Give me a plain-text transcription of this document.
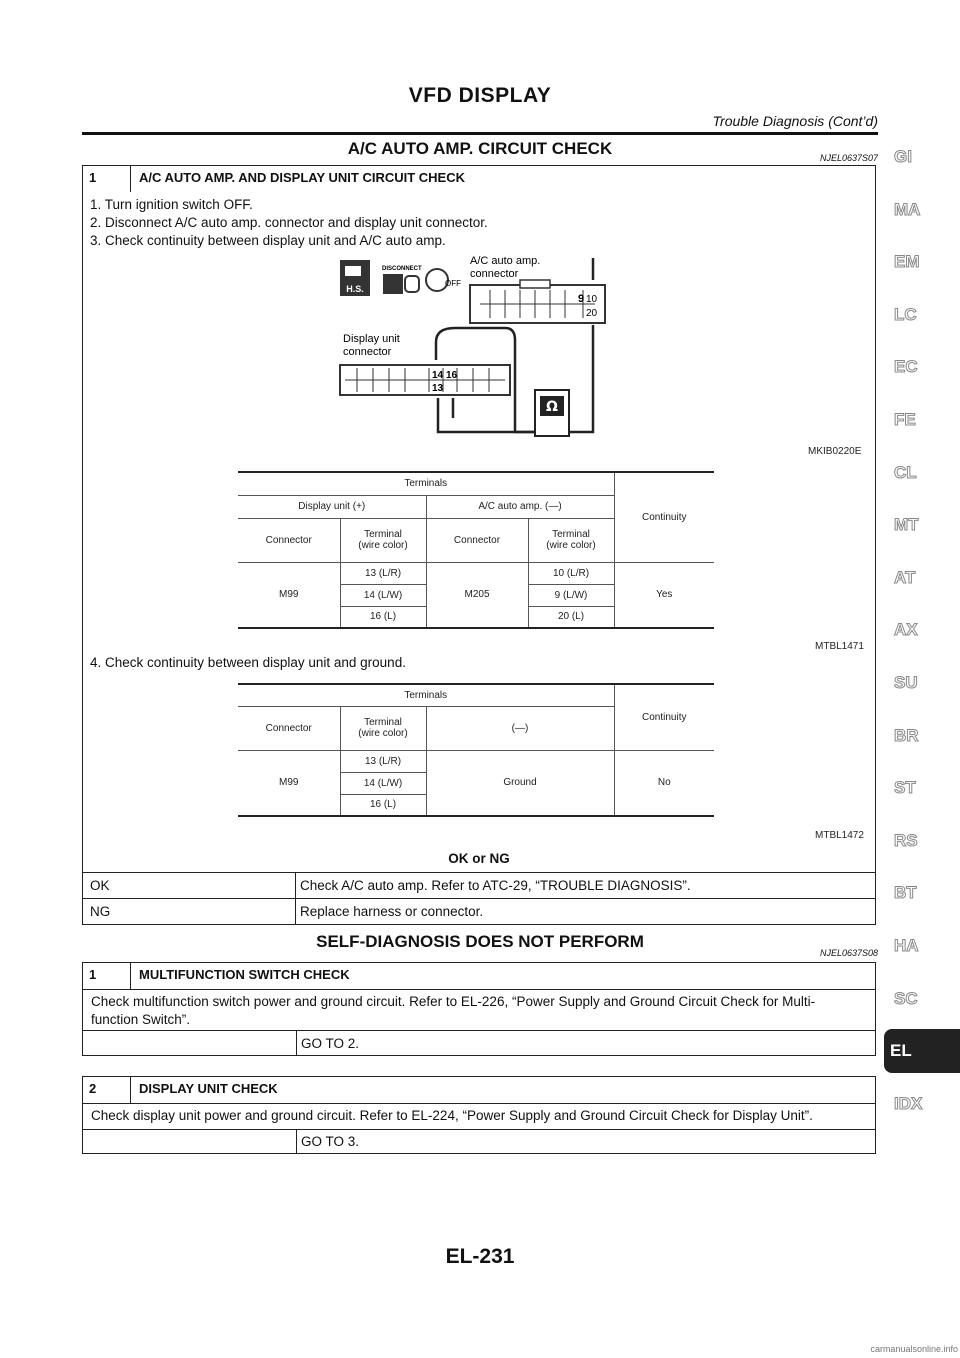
VFD DISPLAY
Trouble Diagnosis (Cont’d)
A/C AUTO AMP. CIRCUIT CHECK	NJEL0637S07
1	A/C AUTO AMP. AND DISPLAY UNIT CIRCUIT CHECK
1. Turn ignition switch OFF.
2. Disconnect A/C auto amp. connector and display unit connector.
3. Check continuity between display unit and A/C auto amp.
H.S.
DISCONNECT
OFF
A/C auto amp.
connector
9 10
20
Display unit
connector
14 16
13
Ω
MKIB0220E
Terminals				Continuity
Display unit (+)		A/C auto amp. (—)		
Connector	Terminal
(wire color)	Connector	Terminal
(wire color)	
M99	13 (L/R)	M205	10 (L/R)	Yes
	14 (L/W)		9 (L/W)	
	16 (L)		20 (L)	
MTBL1471
4. Check continuity between display unit and ground.
Terminals			Continuity
Connector	Terminal
(wire color)	(—)	
M99	13 (L/R)	Ground	No
	14 (L/W)		
	16 (L)		
MTBL1472
OK or NG
OK	Check A/C auto amp. Refer to ATC-29, “TROUBLE DIAGNOSIS”.
NG	Replace harness or connector.
SELF-DIAGNOSIS DOES NOT PERFORM
NJEL0637S08
1	MULTIFUNCTION SWITCH CHECK
Check multifunction switch power and ground circuit. Refer to EL-226, “Power Supply and Ground Circuit Check for Multi-
function Switch”.
GO TO 2.
2	DISPLAY UNIT CHECK
Check display unit power and ground circuit. Refer to EL-224, “Power Supply and Ground Circuit Check for Display Unit”.
GO TO 3.
GI
MA
EM
LC
EC
FE
CL
MT
AT
AX
SU
BR
ST
RS
BT
HA
SC
EL
IDX
EL-231
carmanualsonline.info
